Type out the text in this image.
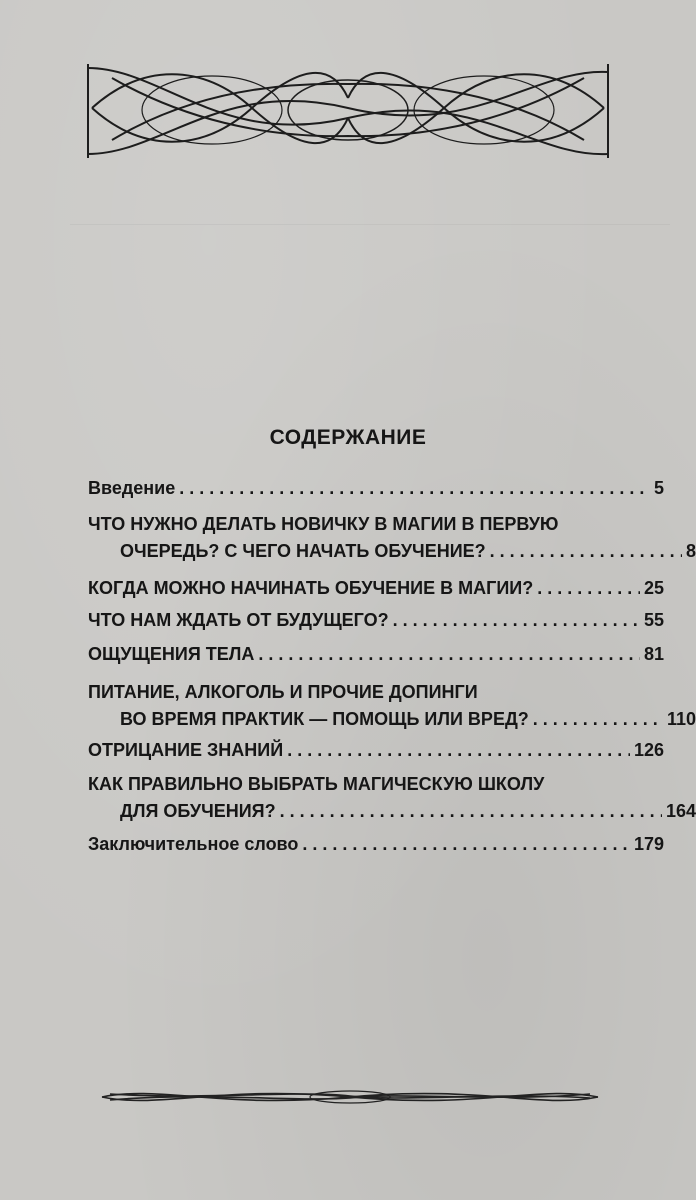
СОДЕРЖАНИЕ
Введение . . .	5
ЧТО НУЖНО ДЕЛАТЬ НОВИЧКУ В МАГИИ В ПЕРВУЮ
ОЧЕРЕДЬ? С ЧЕГО НАЧАТЬ ОБУЧЕНИЕ? . . .	8
КОГДА МОЖНО НАЧИНАТЬ ОБУЧЕНИЕ В МАГИИ? . . .	25
ЧТО НАМ ЖДАТЬ ОТ БУДУЩЕГО? . . .	55
ОЩУЩЕНИЯ ТЕЛА . . .	81
ПИТАНИЕ, АЛКОГОЛЬ И ПРОЧИЕ ДОПИНГИ
ВО ВРЕМЯ ПРАКТИК — ПОМОЩЬ ИЛИ ВРЕД? . . .	110
ОТРИЦАНИЕ ЗНАНИЙ . . .	126
КАК ПРАВИЛЬНО ВЫБРАТЬ МАГИЧЕСКУЮ ШКОЛУ
ДЛЯ ОБУЧЕНИЯ? . . .	164
Заключительное слово . . .	179
